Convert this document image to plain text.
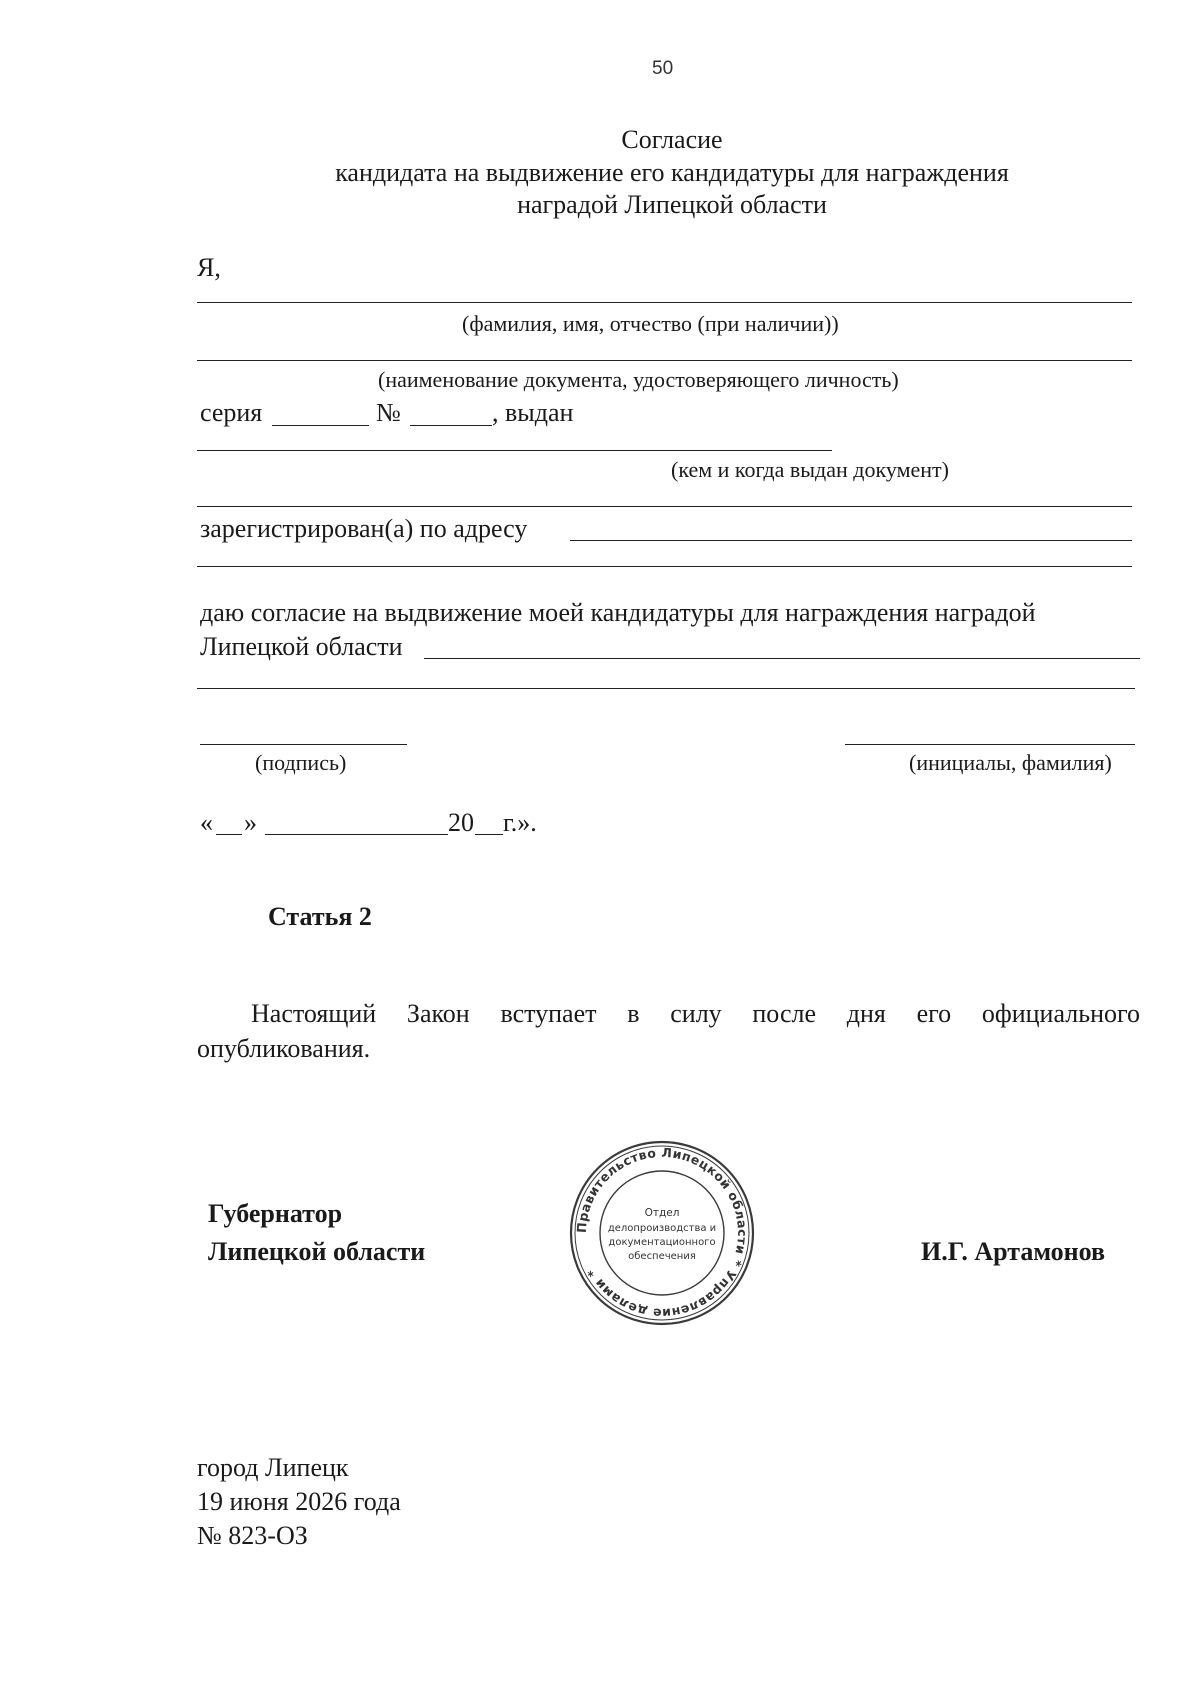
50
Согласие
кандидата на выдвижение его кандидатуры для награждения
наградой Липецкой области
Я,
(фамилия, имя, отчество (при наличии))
(наименование документа, удостоверяющего личность)
серия	№	, выдан
(кем и когда выдан документ)
зарегистрирован(а) по адресу
даю согласие на выдвижение моей кандидатуры для награждения наградой
Липецкой области
(подпись)	(инициалы, фамилия)
« »	20 г.».
Статья 2
Настоящий Закон вступает в силу после дня его официального
опубликования.
Губернатор
Липецкой области	И.Г. Артамонов
Правительство Липецкой области * Управление делами *
Отдел
делопроизводства и
документационного
обеспечения
город Липецк
19 июня 2026 года
№ 823-ОЗ
